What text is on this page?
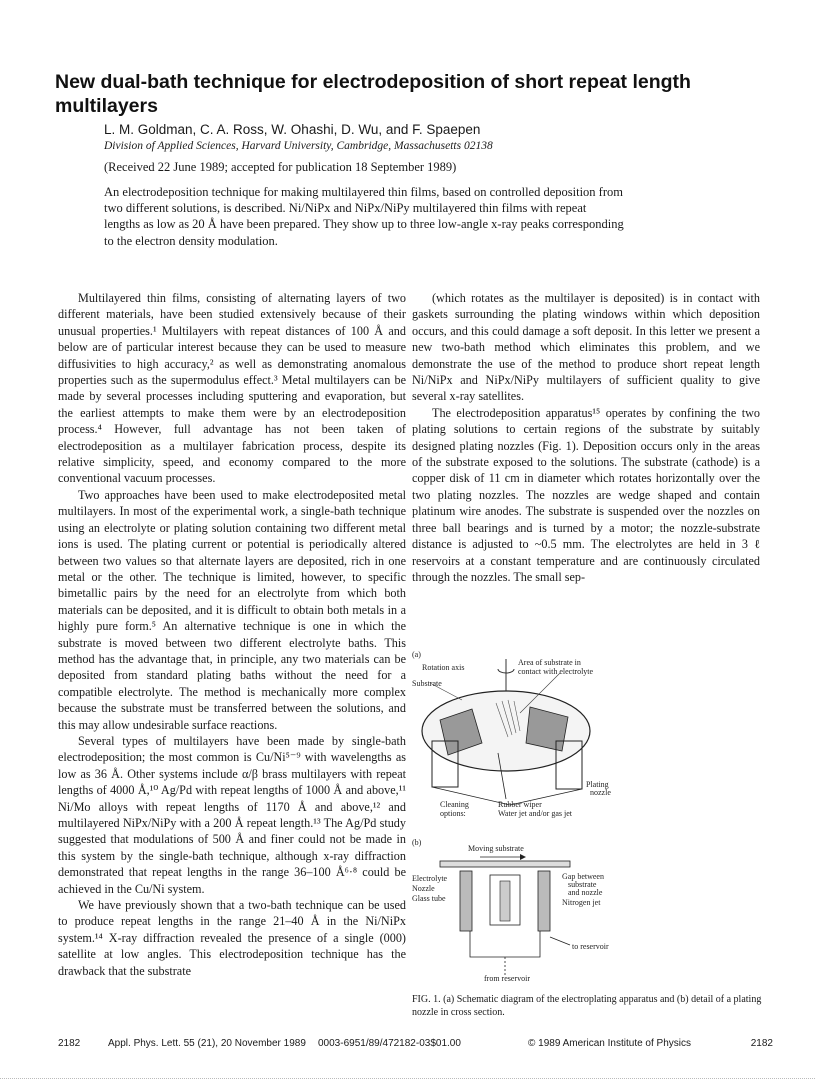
New dual-bath technique for electrodeposition of short repeat length multilayers
L. M. Goldman, C. A. Ross, W. Ohashi, D. Wu, and F. Spaepen
Division of Applied Sciences, Harvard University, Cambridge, Massachusetts 02138
(Received 22 June 1989; accepted for publication 18 September 1989)
An electrodeposition technique for making multilayered thin films, based on controlled deposition from two different solutions, is described. Ni/NiPx and NiPx/NiPy multilayered thin films with repeat lengths as low as 20 Å have been prepared. They show up to three low-angle x-ray peaks corresponding to the electron density modulation.

Multilayered thin films, consisting of alternating layers of two different materials, have been studied extensively because of their unusual properties.¹ Multilayers with repeat distances of 100 Å and below are of particular interest because they can be used to measure diffusivities to high accuracy,² as well as demonstrating anomalous properties such as the supermodulus effect.³ Metal multilayers can be made by several processes including sputtering and evaporation, but the earliest attempts to make them were by an electrodeposition process.⁴ However, full advantage has not been taken of electrodeposition as a multilayer fabrication process, despite its relative simplicity, speed, and economy compared to the more conventional vacuum processes.

Two approaches have been used to make electrodeposited metal multilayers. In most of the experimental work, a single-bath technique using an electrolyte or plating solution containing two different metal ions is used. The plating current or potential is periodically altered between two values so that alternate layers are deposited, rich in one metal or the other. The technique is limited, however, to specific bimetallic pairs by the need for an electrolyte from which both materials can be deposited, and it is difficult to obtain both metals in a highly pure form.⁵ An alternative technique is one in which the substrate is moved between two different electrolyte baths. This method has the advantage that, in principle, any two materials can be deposited from standard plating baths without the need for a compatible electrolyte. The method is mechanically more complex because the substrate must be transferred between the solutions, and this may allow undesirable surface reactions.

Several types of multilayers have been made by single-bath electrodeposition; the most common is Cu/Ni⁵⁻⁹ with wavelengths as low as 36 Å. Other systems include α/β brass multilayers with repeat lengths of 4000 Å,¹⁰ Ag/Pd with repeat lengths of 1000 Å and above,¹¹ Ni/Mo alloys with repeat lengths of 1170 Å and above,¹² and multilayered NiPx/NiPy with a 200 Å repeat length.¹³ The Ag/Pd study suggested that modulations of 500 Å and finer could not be made in this system by the single-bath technique, although x-ray diffraction demonstrated that repeat lengths in the range 36–100 Å⁶·⁸ could be achieved in the Cu/Ni system.

We have previously shown that a two-bath technique can be used to produce repeat lengths in the range 21–40 Å in the Ni/NiPx system.¹⁴ X-ray diffraction revealed the presence of a single (000) satellite at low angles. This electrodeposition technique has the drawback that the substrate

(which rotates as the multilayer is deposited) is in contact with gaskets surrounding the plating windows within which deposition occurs, and this could damage a soft deposit. In this letter we present a new two-bath method which eliminates this problem, and we demonstrate the use of the method to produce short repeat length Ni/NiPx and NiPx/NiPy multilayers of sufficient quality to give several x-ray satellites.

The electrodeposition apparatus¹⁵ operates by confining the two plating solutions to certain regions of the substrate by suitably designed plating nozzles (Fig. 1). Deposition occurs only in the areas of the substrate exposed to the solutions. The substrate (cathode) is a copper disk of 11 cm in diameter which rotates horizontally over the two plating nozzles. The nozzles are wedge shaped and contain platinum wire anodes. The substrate is suspended over the nozzles on three ball bearings and is turned by a motor; the nozzle-substrate distance is adjusted to ~0.5 mm. The electrolytes are held in 3 ℓ reservoirs at a constant temperature and are continuously circulated through the nozzles. The small sep-

(a)
Rotation axis
Area of substrate in
contact with electrolyte
Substrate
Plating
nozzle
Cleaning
options:
Rubber wiper
Water jet and/or gas jet
(b)
Moving substrate
Electrolyte
Nozzle
Glass tube
Gap between
substrate
and nozzle
Nitrogen jet
to reservoir
from reservoir
FIG. 1. (a) Schematic diagram of the electroplating apparatus and (b) detail of a plating nozzle in cross section.
2182	Appl. Phys. Lett. 55 (21), 20 November 1989 0003-6951/89/472182-03$01.00	© 1989 American Institute of Physics	2182
